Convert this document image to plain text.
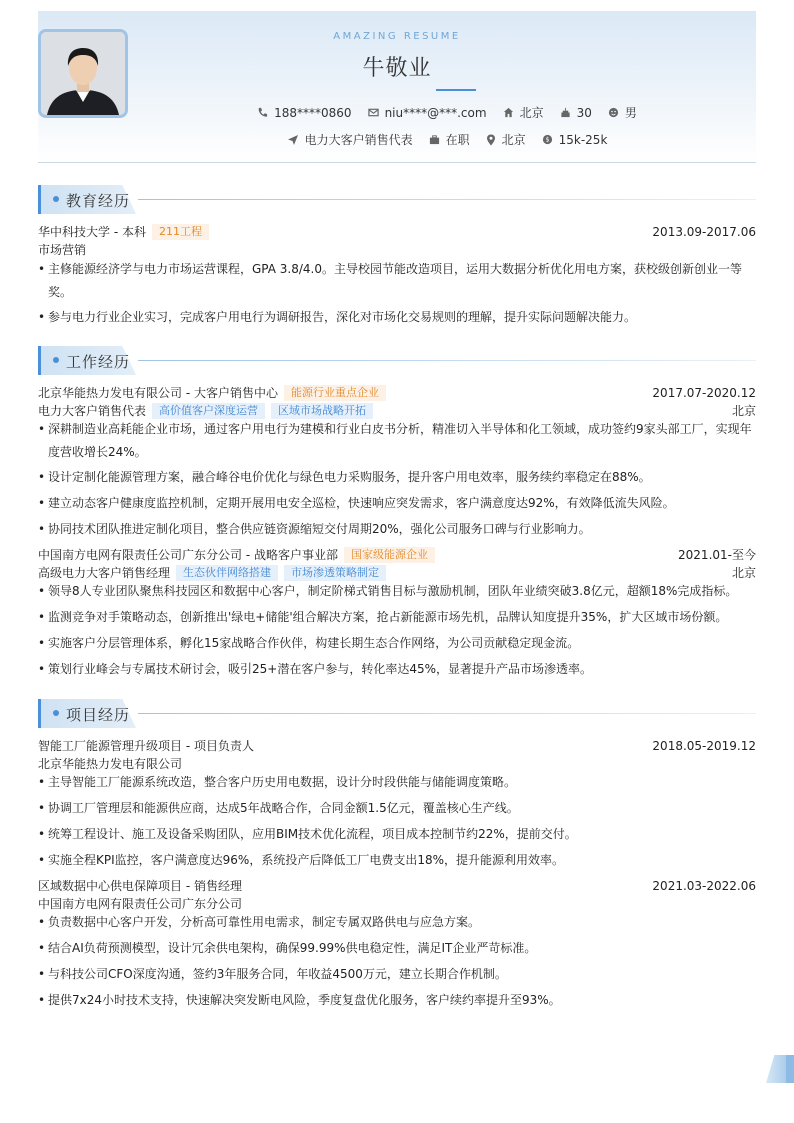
AMAZING RESUME
牛敬业
188****0860	niu****@***.com	北京	30	男
电力大客户销售代表	在职	北京	$ 15k-25k
教育经历
华中科技大学 - 本科	211工程	2013.09-2017.06
市场营销
• 主修能源经济学与电力市场运营课程，GPA 3.8/4.0。主导校园节能改造项目，运用大数据分析优化用电方案，获校级创新创业一等
奖。
• 参与电力行业企业实习，完成客户用电行为调研报告，深化对市场化交易规则的理解，提升实际问题解决能力。
工作经历
北京华能热力发电有限公司 - 大客户销售中心	能源行业重点企业	2017.07-2020.12
电力大客户销售代表	高价值客户深度运营	区域市场战略开拓	北京
• 深耕制造业高耗能企业市场，通过客户用电行为建模和行业白皮书分析，精准切入半导体和化工领域，成功签约9家头部工厂，实现年
度营收增长24%。
• 设计定制化能源管理方案，融合峰谷电价优化与绿色电力采购服务，提升客户用电效率，服务续约率稳定在88%。
• 建立动态客户健康度监控机制，定期开展用电安全巡检，快速响应突发需求，客户满意度达92%，有效降低流失风险。
• 协同技术团队推进定制化项目，整合供应链资源缩短交付周期20%，强化公司服务口碑与行业影响力。
中国南方电网有限责任公司广东分公司 - 战略客户事业部	国家级能源企业	2021.01-至今
高级电力大客户销售经理	生态伙伴网络搭建	市场渗透策略制定	北京
• 领导8人专业团队聚焦科技园区和数据中心客户，制定阶梯式销售目标与激励机制，团队年业绩突破3.8亿元，超额18%完成指标。
• 监测竞争对手策略动态，创新推出'绿电+储能'组合解决方案，抢占新能源市场先机，品牌认知度提升35%，扩大区域市场份额。
• 实施客户分层管理体系，孵化15家战略合作伙伴，构建长期生态合作网络，为公司贡献稳定现金流。
• 策划行业峰会与专属技术研讨会，吸引25+潜在客户参与，转化率达45%，显著提升产品市场渗透率。
项目经历
智能工厂能源管理升级项目 - 项目负责人	2018.05-2019.12
北京华能热力发电有限公司
• 主导智能工厂能源系统改造，整合客户历史用电数据，设计分时段供能与储能调度策略。
• 协调工厂管理层和能源供应商，达成5年战略合作，合同金额1.5亿元，覆盖核心生产线。
• 统筹工程设计、施工及设备采购团队，应用BIM技术优化流程，项目成本控制节约22%，提前交付。
• 实施全程KPI监控，客户满意度达96%，系统投产后降低工厂电费支出18%，提升能源利用效率。
区域数据中心供电保障项目 - 销售经理	2021.03-2022.06
中国南方电网有限责任公司广东分公司
• 负责数据中心客户开发，分析高可靠性用电需求，制定专属双路供电与应急方案。
• 结合AI负荷预测模型，设计冗余供电架构，确保99.99%供电稳定性，满足IT企业严苛标准。
• 与科技公司CFO深度沟通，签约3年服务合同，年收益4500万元，建立长期合作机制。
• 提供7x24小时技术支持，快速解决突发断电风险，季度复盘优化服务，客户续约率提升至93%。
